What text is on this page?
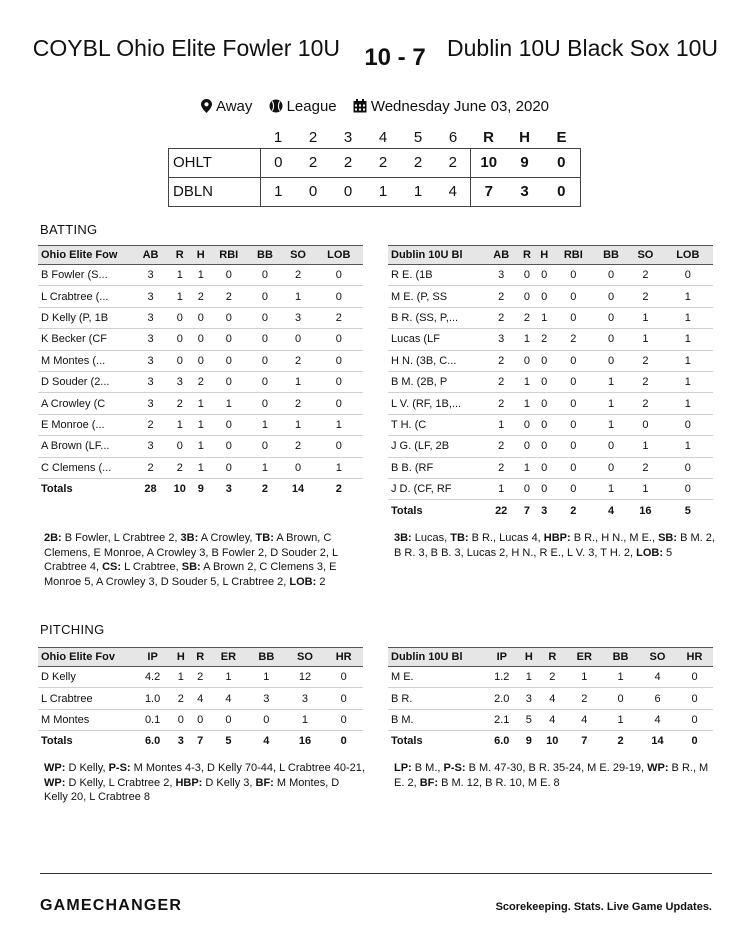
COYBL Ohio Elite Fowler 10U	10 - 7 Dublin 10U Black Sox 10U
Away League Wednesday June 03, 2020
	1	2	3	4	5	6	R	H	E
OHLT	0	2	2	2	2	2	10	9	0
DBLN	1	0	0	1	1	4	7	3	0
BATTING
Ohio Elite Fow	AB	R	H	RBI	BB	SO	LOB
B Fowler (S...	3	1	1	0	0	2	0
L Crabtree (...	3	1	2	2	0	1	0
D Kelly (P, 1B	3	0	0	0	0	3	2
K Becker (CF	3	0	0	0	0	0	0
M Montes (...	3	0	0	0	0	2	0
D Souder (2...	3	3	2	0	0	1	0
A Crowley (C	3	2	1	1	0	2	0
E Monroe (...	2	1	1	0	1	1	1
A Brown (LF...	3	0	1	0	0	2	0
C Clemens (...	2	2	1	0	1	0	1
Totals	28	10	9	3	2	14	2
Dublin 10U Bl	AB	R	H	RBI	BB	SO	LOB
R E. (1B	3	0	0	0	0	2	0
M E. (P, SS	2	0	0	0	0	2	1
B R. (SS, P,...	2	2	1	0	0	1	1
Lucas (LF	3	1	2	2	0	1	1
H N. (3B, C...	2	0	0	0	0	2	1
B M. (2B, P	2	1	0	0	1	2	1
L V. (RF, 1B,...	2	1	0	0	1	2	1
T H. (C	1	0	0	0	1	0	0
J G. (LF, 2B	2	0	0	0	0	1	1
B B. (RF	2	1	0	0	0	2	0
J D. (CF, RF	1	0	0	0	1	1	0
Totals	22	7	3	2	4	16	5
2B: B Fowler, L Crabtree 2, 3B: A Crowley, TB: A Brown, C Clemens, E Monroe, A Crowley 3, B Fowler 2, D Souder 2, L Crabtree 4, CS: L Crabtree, SB: A Brown 2, C Clemens 3, E Monroe 5, A Crowley 3, D Souder 5, L Crabtree 2, LOB: 2
3B: Lucas, TB: B R., Lucas 4, HBP: B R., H N., M E., SB: B M. 2, B R. 3, B B. 3, Lucas 2, H N., R E., L V. 3, T H. 2, LOB: 5
PITCHING
Ohio Elite Fov	IP	H	R	ER	BB	SO	HR
D Kelly	4.2	1	2	1	1	12	0
L Crabtree	1.0	2	4	4	3	3	0
M Montes	0.1	0	0	0	0	1	0
Totals	6.0	3	7	5	4	16	0
Dublin 10U Bl	IP	H	R	ER	BB	SO	HR
M E.	1.2	1	2	1	1	4	0
B R.	2.0	3	4	2	0	6	0
B M.	2.1	5	4	4	1	4	0
Totals	6.0	9	10	7	2	14	0
WP: D Kelly, P-S: M Montes 4-3, D Kelly 70-44, L Crabtree 40-21, WP: D Kelly, L Crabtree 2, HBP: D Kelly 3, BF: M Montes, D Kelly 20, L Crabtree 8
LP: B M., P-S: B M. 47-30, B R. 35-24, M E. 29-19, WP: B R., M E. 2, BF: B M. 12, B R. 10, M E. 8
GAMECHANGER	Scorekeeping. Stats. Live Game Updates.
